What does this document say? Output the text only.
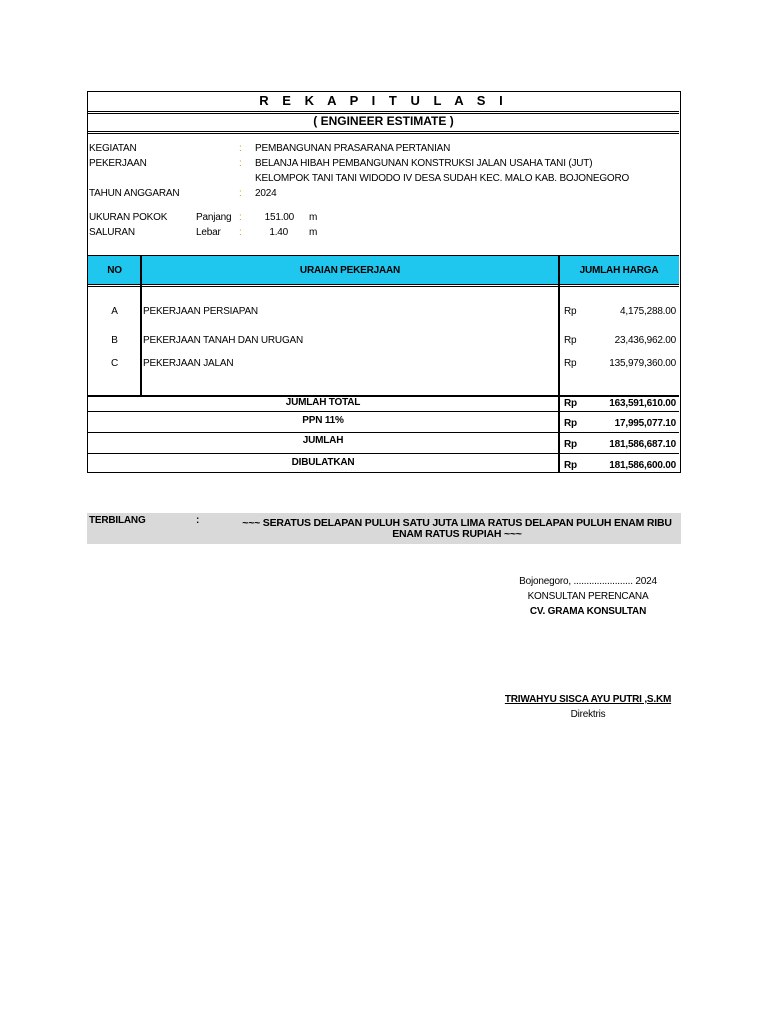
R E K A P I T U L A S I
( ENGINEER ESTIMATE )
KEGIATAN	: PEMBANGUNAN PRASARANA PERTANIAN
PEKERJAAN	: BELANJA HIBAH PEMBANGUNAN KONSTRUKSI JALAN USAHA TANI (JUT)
KELOMPOK TANI TANI WIDODO IV DESA SUDAH KEC. MALO KAB. BOJONEGORO
TAHUN ANGGARAN	: 2024
UKURAN POKOK	Panjang :	151.00 m
SALURAN	Lebar :	1.40 m
NO	URAIAN PEKERJAAN	JUMLAH HARGA
A	PEKERJAAN PERSIAPAN	Rp	4,175,288.00
B	PEKERJAAN TANAH DAN URUGAN	Rp	23,436,962.00
C	PEKERJAAN JALAN	Rp	135,979,360.00
JUMLAH TOTAL	Rp	163,591,610.00
PPN 11%	Rp	17,995,077.10
JUMLAH	Rp	181,586,687.10
DIBULATKAN	Rp	181,586,600.00
TERBILANG	:	~~~ SERATUS DELAPAN PULUH SATU JUTA LIMA RATUS DELAPAN PULUH ENAM RIBU
ENAM RATUS RUPIAH ~~~
Bojonegoro, ....................... 2024
KONSULTAN PERENCANA
CV. GRAMA KONSULTAN
TRIWAHYU SISCA AYU PUTRI ,S.KM
Direktris
